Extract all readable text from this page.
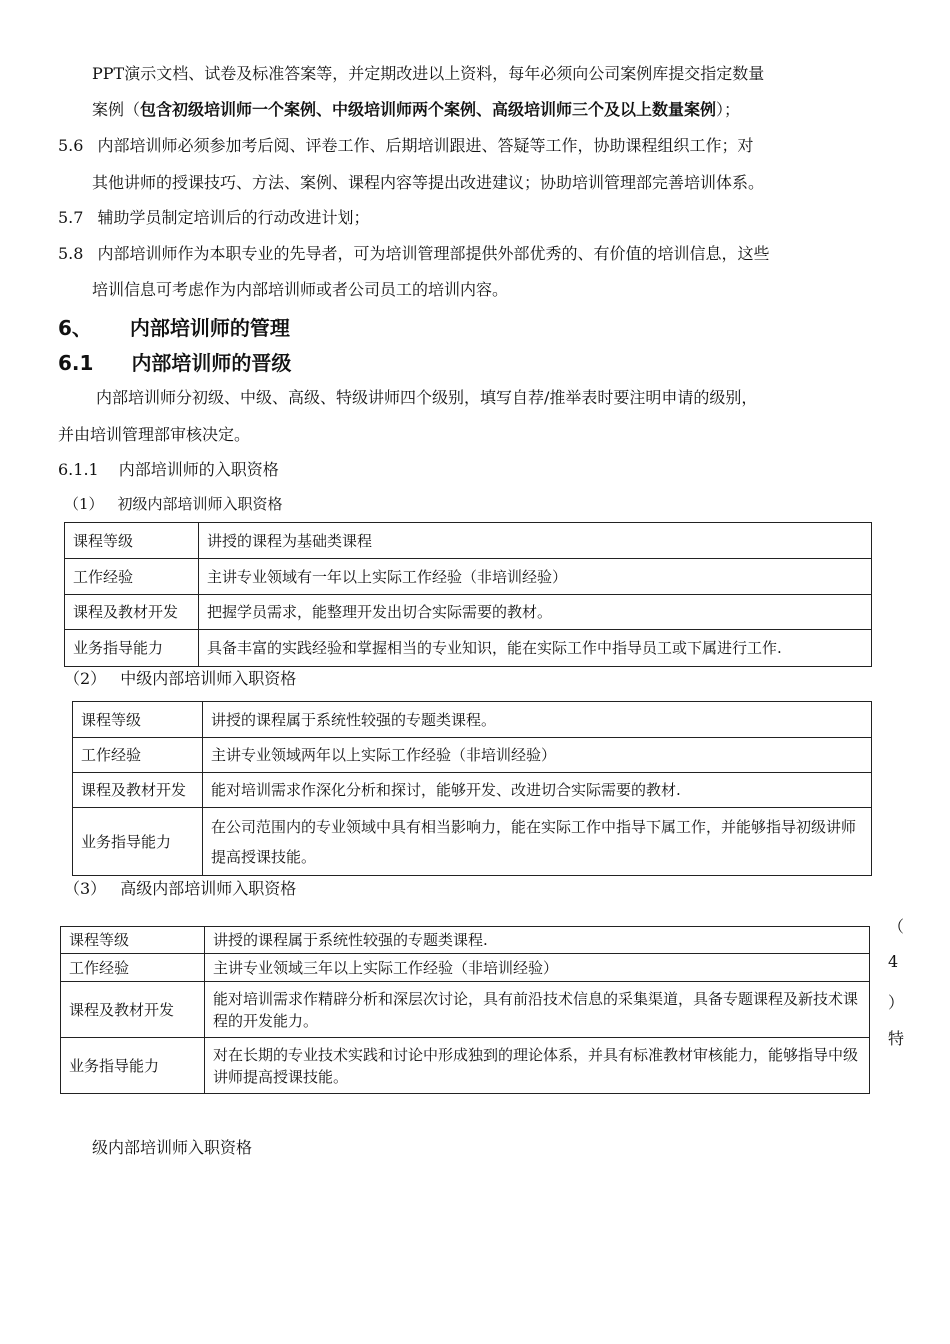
PPT演示文档、试卷及标准答案等，并定期改进以上资料，每年必须向公司案例库提交指定数量
案例（包含初级培训师一个案例、中级培训师两个案例、高级培训师三个及以上数量案例）；
5.6 内部培训师必须参加考后阅、评卷工作、后期培训跟进、答疑等工作，协助课程组织工作；对
其他讲师的授课技巧、方法、案例、课程内容等提出改进建议；协助培训管理部完善培训体系。
5.7 辅助学员制定培训后的行动改进计划；
5.8 内部培训师作为本职专业的先导者，可为培训管理部提供外部优秀的、有价值的培训信息，这些
培训信息可考虑作为内部培训师或者公司员工的培训内容。
6、 内部培训师的管理
6.1 内部培训师的晋级
内部培训师分初级、中级、高级、特级讲师四个级别，填写自荐/推举表时要注明申请的级别，
并由培训管理部审核决定。
6.1.1 内部培训师的入职资格
（1） 初级内部培训师入职资格
课程等级	讲授的课程为基础类课程
工作经验	主讲专业领域有一年以上实际工作经验（非培训经验）
课程及教材开发	把握学员需求，能整理开发出切合实际需要的教材。
业务指导能力	具备丰富的实践经验和掌握相当的专业知识，能在实际工作中指导员工或下属进行工作.
（2） 中级内部培训师入职资格
课程等级	讲授的课程属于系统性较强的专题类课程。
工作经验	主讲专业领域两年以上实际工作经验（非培训经验）
课程及教材开发	能对培训需求作深化分析和探讨，能够开发、改进切合实际需要的教材.
业务指导能力	在公司范围内的专业领域中具有相当影响力，能在实际工作中指导下属工作，并能够指导初级讲师提高授课技能。
（3） 高级内部培训师入职资格
课程等级	讲授的课程属于系统性较强的专题类课程.
工作经验	主讲专业领域三年以上实际工作经验（非培训经验）
课程及教材开发	能对培训需求作精辟分析和深层次讨论，具有前沿技术信息的采集渠道，具备专题课程及新技术课程的开发能力。
业务指导能力	对在长期的专业技术实践和讨论中形成独到的理论体系，并具有标准教材审核能力，能够指导中级讲师提高授课技能。
（
4
）
特
级内部培训师入职资格
